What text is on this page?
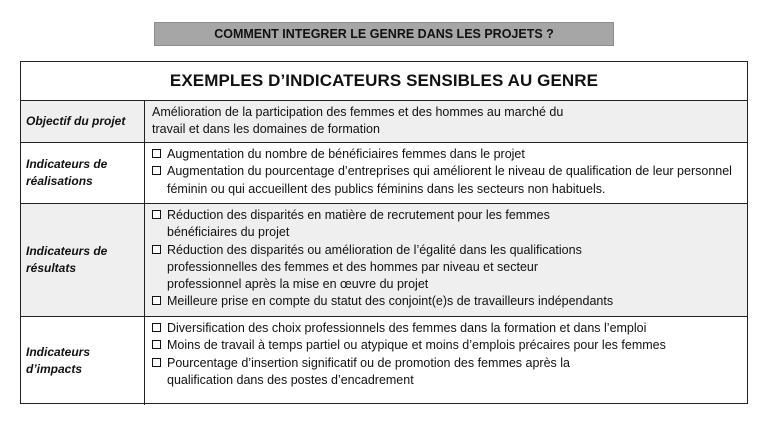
COMMENT INTEGRER LE GENRE DANS LES PROJETS ?
EXEMPLES D’INDICATEURS SENSIBLES AU GENRE
Objectif du projet
Amélioration de la participation des femmes et des hommes au marché du
travail et dans les domaines de formation
Indicateurs de
réalisations
Augmentation du nombre de bénéficiaires femmes dans le projet
Augmentation du pourcentage d’entreprises qui améliorent le niveau de qualification de leur personnel féminin ou qui accueillent des publics féminins dans les secteurs non habituels.
Indicateurs de
résultats
Réduction des disparités en matière de recrutement pour les femmes bénéficiaires du projet
Réduction des disparités ou amélioration de l’égalité dans les qualifications professionnelles des femmes et des hommes par niveau et secteur professionnel après la mise en œuvre du projet
Meilleure prise en compte du statut des conjoint(e)s de travailleurs indépendants
Indicateurs
d’impacts
Diversification des choix professionnels des femmes dans la formation et dans l’emploi
Moins de travail à temps partiel ou atypique et moins d’emplois précaires pour les femmes
Pourcentage d’insertion significatif ou de promotion des femmes après la qualification dans des postes d’encadrement
